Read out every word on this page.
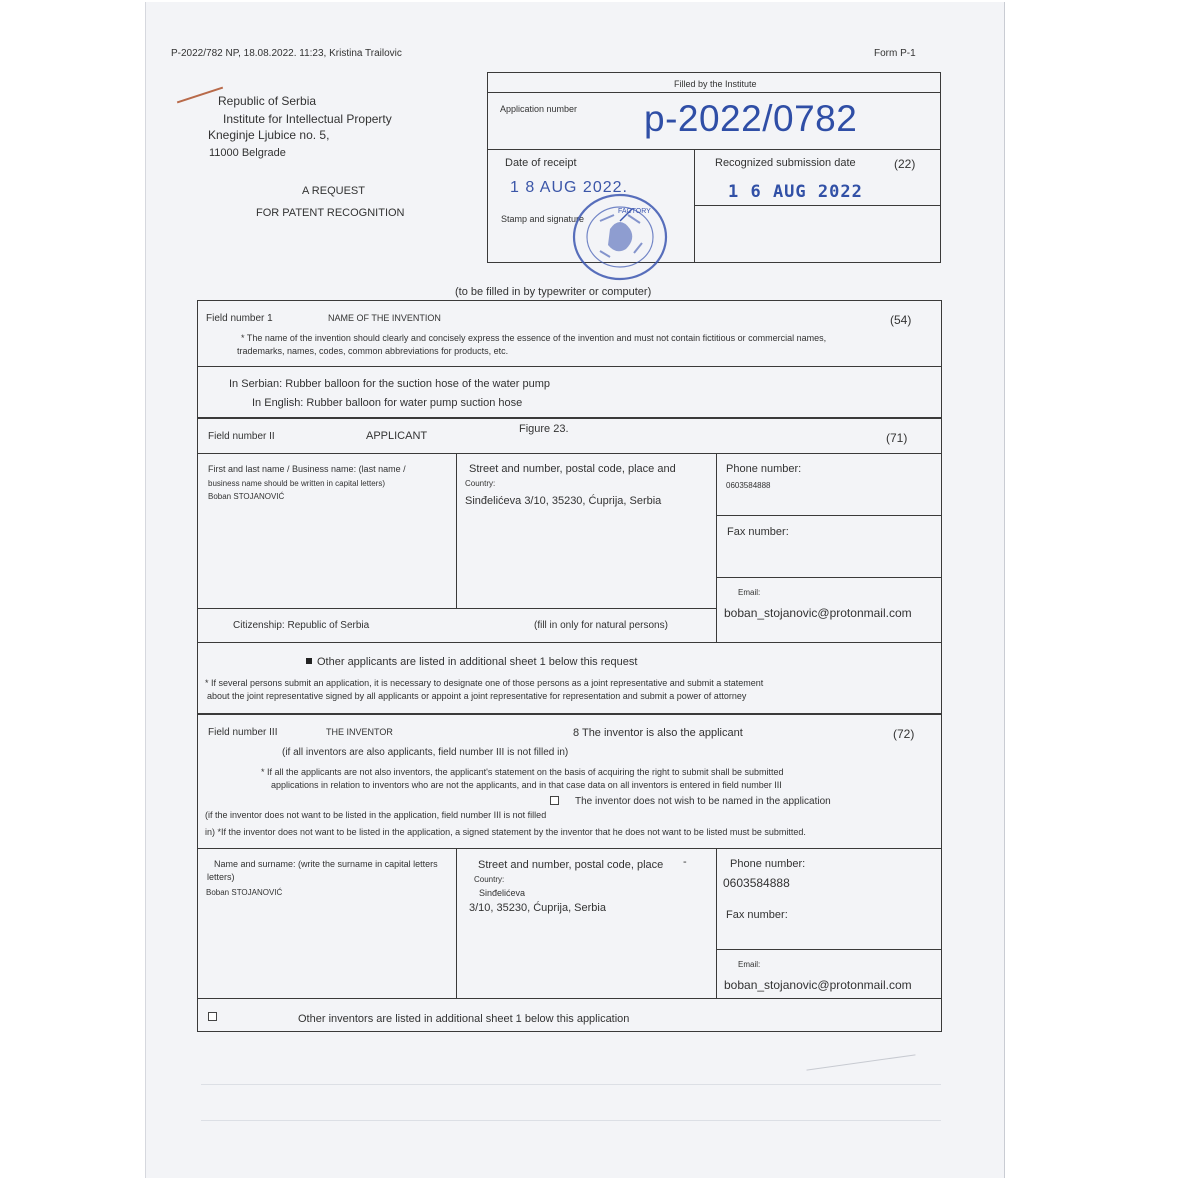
P-2022/782 NP, 18.08.2022. 11:23, Kristina Trailovic	Form P-1
Republic of Serbia
Institute for Intellectual Property
Kneginje Ljubice no. 5,
11000 Belgrade
A REQUEST
FOR PATENT RECOGNITION
Filled by the Institute
Application number p-2022/0782
Date of receipt
1 8 AUG 2022.
Recognized submission date	(22)
1 6 AUG 2022
Stamp and signature
FACTORY
(to be filled in by typewriter or computer)
Field number 1	NAME OF THE INVENTION	(54)
* The name of the invention should clearly and concisely express the essence of the invention and must not contain fictitious or commercial names,
trademarks, names, codes, common abbreviations for products, etc.
In Serbian: Rubber balloon for the suction hose of the water pump
In English: Rubber balloon for water pump suction hose
Figure 23.
Field number II	APPLICANT	(71)
First and last name / Business name: (last name /
business name should be written in capital letters)
Boban STOJANOVIĆ
Street and number, postal code, place and
Country:
Sinđelićeva 3/10, 35230, Ćuprija, Serbia
Phone number:
0603584888
Fax number:
Email:
boban_stojanovic@protonmail.com
Citizenship: Republic of Serbia	(fill in only for natural persons)
Other applicants are listed in additional sheet 1 below this request
* If several persons submit an application, it is necessary to designate one of those persons as a joint representative and submit a statement
about the joint representative signed by all applicants or appoint a joint representative for representation and submit a power of attorney
Field number III	THE INVENTOR	8 The inventor is also the applicant	(72)
(if all inventors are also applicants, field number III is not filled in)
* If all the applicants are not also inventors, the applicant's statement on the basis of acquiring the right to submit shall be submitted
applications in relation to inventors who are not the applicants, and in that case data on all inventors is entered in field number III
The inventor does not wish to be named in the application
(if the inventor does not want to be listed in the application, field number III is not filled
in) *If the inventor does not want to be listed in the application, a signed statement by the inventor that he does not want to be listed must be submitted.
Name and surname: (write the surname in capital letters
letters)
Boban STOJANOVIĆ
Street and number, postal code, place -
Country:
Sinđelićeva
3/10, 35230, Ćuprija, Serbia
Phone number:
0603584888
Fax number:
Email:
boban_stojanovic@protonmail.com
Other inventors are listed in additional sheet 1 below this application
